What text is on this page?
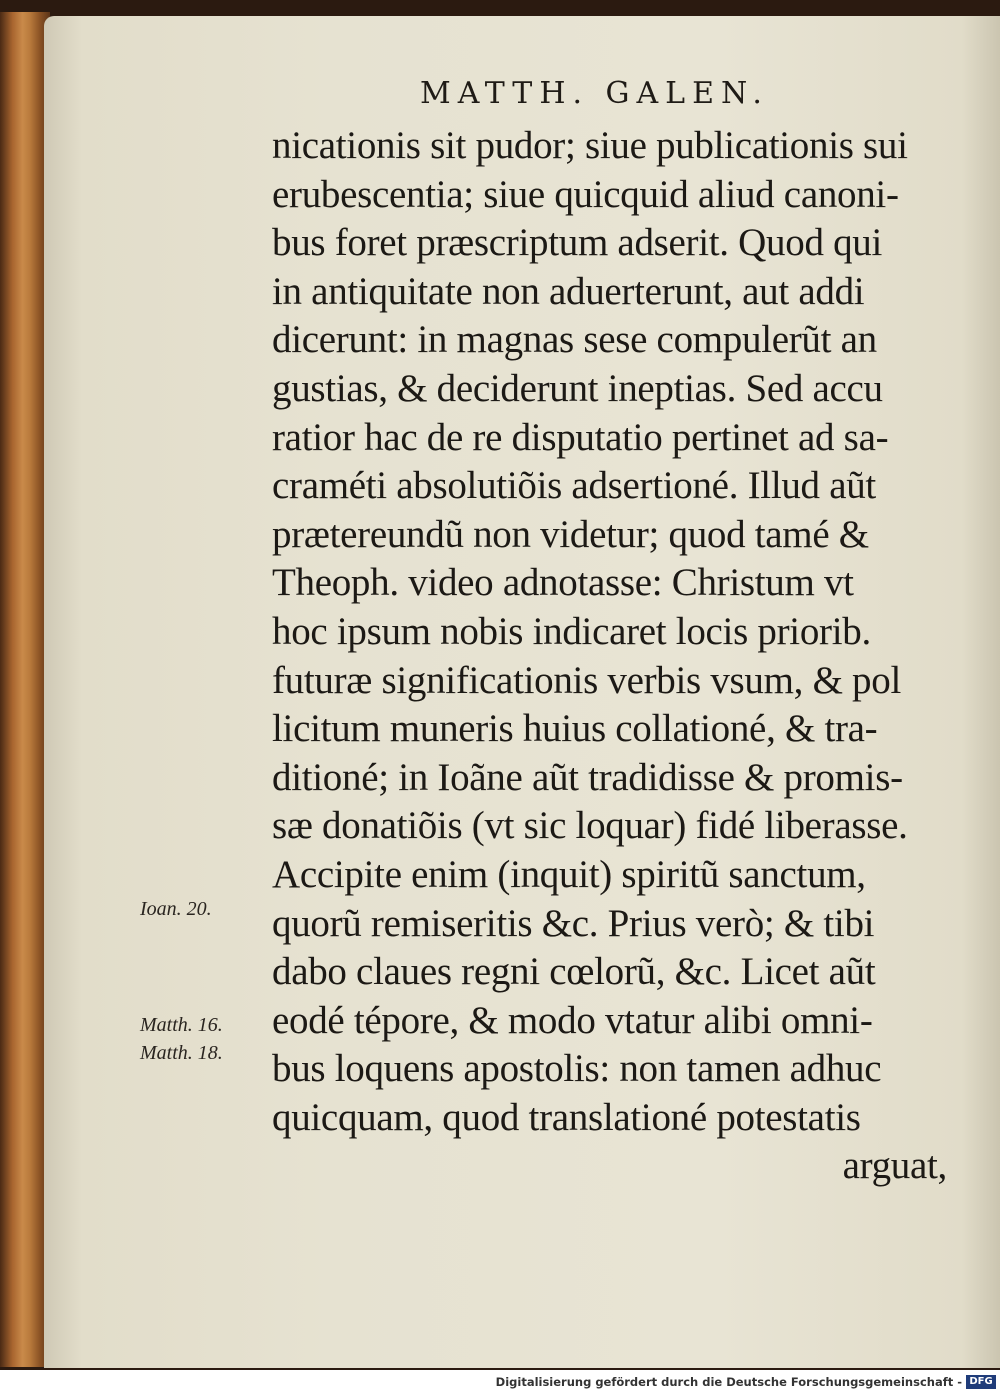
MATTH. GALEN.
nicationis sit pudor; siue publicationis sui
erubescentia; siue quicquid aliud canoni-
bus foret præscriptum adserit. Quod qui
in antiquitate non aduerterunt, aut addi
dicerunt: in magnas sese compulerũt an
gustias, & deciderunt ineptias. Sed accu
ratior hac de re disputatio pertinet ad sa-
craméti absolutiõis adsertioné. Illud aũt
prætereundũ non videtur; quod tamé &
Theoph. video adnotasse: Christum vt
hoc ipsum nobis indicaret locis priorib.
futuræ significationis verbis vsum, & pol
licitum muneris huius collationé, & tra-
ditioné; in Ioãne aũt tradidisse & promis-
sæ donatiõis (vt sic loquar) fidé liberasse.
Accipite enim (inquit) spiritũ sanctum,
quorũ remiseritis &c. Prius verò; & tibi
dabo claues regni cœlorũ, &c. Licet aũt
eodé tépore, & modo vtatur alibi omni-
bus loquens apostolis: non tamen adhuc
quicquam, quod translationé potestatis
arguat,
Ioan. 20.
Matth. 16.
Matth. 18.
Digitalisierung gefördert durch die Deutsche Forschungsgemeinschaft - DFG
